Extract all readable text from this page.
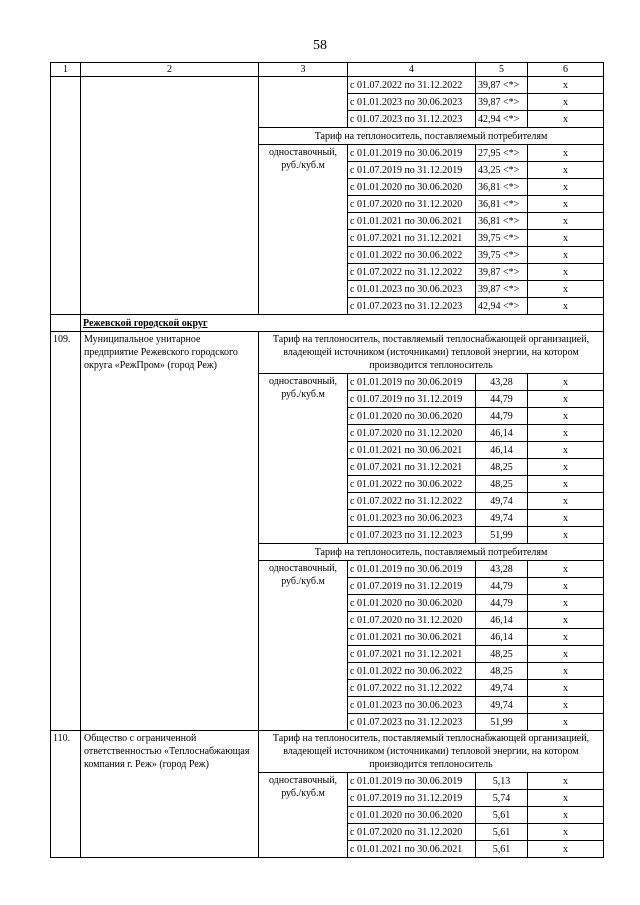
58
1	2	3	4	5	6
			с 01.07.2022 по 31.12.2022	39,87 <*>	х
			с 01.01.2023 по 30.06.2023	39,87 <*>	х
			с 01.07.2023 по 31.12.2023	42,94 <*>	х
		Тариф на теплоноситель, поставляемый потребителям			
		одноставочный, руб./куб.м	с 01.01.2019 по 30.06.2019	27,95 <*>	х
			с 01.07.2019 по 31.12.2019	43,25 <*>	х
			с 01.01.2020 по 30.06.2020	36,81 <*>	х
			с 01.07.2020 по 31.12.2020	36,81 <*>	х
			с 01.01.2021 по 30.06.2021	36,81 <*>	х
			с 01.07.2021 по 31.12.2021	39,75 <*>	х
			с 01.01.2022 по 30.06.2022	39,75 <*>	х
			с 01.07.2022 по 31.12.2022	39,87 <*>	х
			с 01.01.2023 по 30.06.2023	39,87 <*>	х
			с 01.07.2023 по 31.12.2023	42,94 <*>	х
	Режевской городской округ				
109.	Муниципальное унитарное предприятие Режевского городского округа «РежПром» (город Реж)	Тариф на теплоноситель, поставляемый теплоснабжающей организацией, владеющей источником (источниками) тепловой энергии, на котором производится теплоноситель			
		одноставочный, руб./куб.м	с 01.01.2019 по 30.06.2019	43,28	х
			с 01.07.2019 по 31.12.2019	44,79	х
			с 01.01.2020 по 30.06.2020	44,79	х
			с 01.07.2020 по 31.12.2020	46,14	х
			с 01.01.2021 по 30.06.2021	46,14	х
			с 01.07.2021 по 31.12.2021	48,25	х
			с 01.01.2022 по 30.06.2022	48,25	х
			с 01.07.2022 по 31.12.2022	49,74	х
			с 01.01.2023 по 30.06.2023	49,74	х
			с 01.07.2023 по 31.12.2023	51,99	х
		Тариф на теплоноситель, поставляемый потребителям			
		одноставочный, руб./куб.м	с 01.01.2019 по 30.06.2019	43,28	х
			с 01.07.2019 по 31.12.2019	44,79	х
			с 01.01.2020 по 30.06.2020	44,79	х
			с 01.07.2020 по 31.12.2020	46,14	х
			с 01.01.2021 по 30.06.2021	46,14	х
			с 01.07.2021 по 31.12.2021	48,25	х
			с 01.01.2022 по 30.06.2022	48,25	х
			с 01.07.2022 по 31.12.2022	49,74	х
			с 01.01.2023 по 30.06.2023	49,74	х
			с 01.07.2023 по 31.12.2023	51,99	х
110.	Общество с ограниченной ответственностью «Теплоснабжающая компания г. Реж» (город Реж)	Тариф на теплоноситель, поставляемый теплоснабжающей организацией, владеющей источником (источниками) тепловой энергии, на котором производится теплоноситель			
		одноставочный, руб./куб.м	с 01.01.2019 по 30.06.2019	5,13	х
			с 01.07.2019 по 31.12.2019	5,74	х
			с 01.01.2020 по 30.06.2020	5,61	х
			с 01.07.2020 по 31.12.2020	5,61	х
			с 01.01.2021 по 30.06.2021	5,61	х
